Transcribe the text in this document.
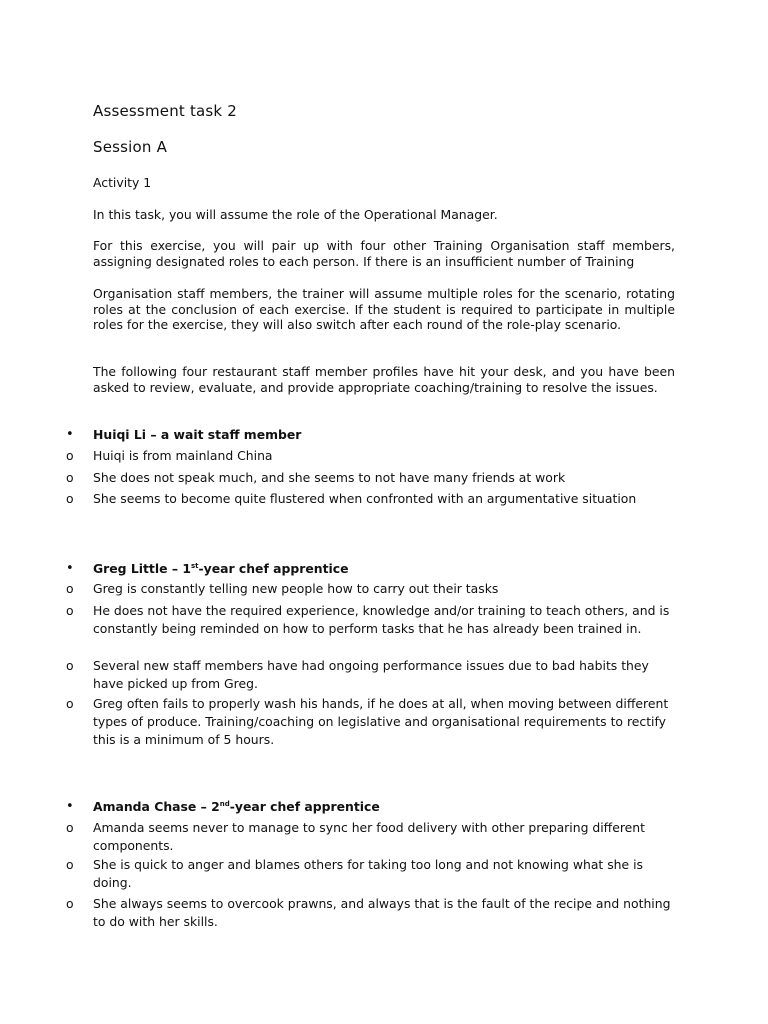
Assessment task 2
Session A

Activity 1

In this task, you will assume the role of the Operational Manager.

For this exercise, you will pair up with four other Training Organisation staff members, assigning designated roles to each person. If there is an insufficient number of Training

Organisation staff members, the trainer will assume multiple roles for the scenario, rotating roles at the conclusion of each exercise. If the student is required to participate in multiple roles for the exercise, they will also switch after each round of the role-play scenario.

The following four restaurant staff member profiles have hit your desk, and you have been asked to review, evaluate, and provide appropriate coaching/training to resolve the issues.

•	Huiqi Li – a wait staff member
o	Huiqi is from mainland China
o	She does not speak much, and she seems to not have many friends at work
o	She seems to become quite flustered when confronted with an argumentative situation
•	Greg Little – 1st-year chef apprentice
o	Greg is constantly telling new people how to carry out their tasks
o	He does not have the required experience, knowledge and/or training to teach others, and is constantly being reminded on how to perform tasks that he has already been trained in.
o	Several new staff members have had ongoing performance issues due to bad habits they have picked up from Greg.
o	Greg often fails to properly wash his hands, if he does at all, when moving between different types of produce. Training/coaching on legislative and organisational requirements to rectify this is a minimum of 5 hours.
•	Amanda Chase – 2nd-year chef apprentice
o	Amanda seems never to manage to sync her food delivery with other preparing different components.
o	She is quick to anger and blames others for taking too long and not knowing what she is doing.
o	She always seems to overcook prawns, and always that is the fault of the recipe and nothing to do with her skills.
